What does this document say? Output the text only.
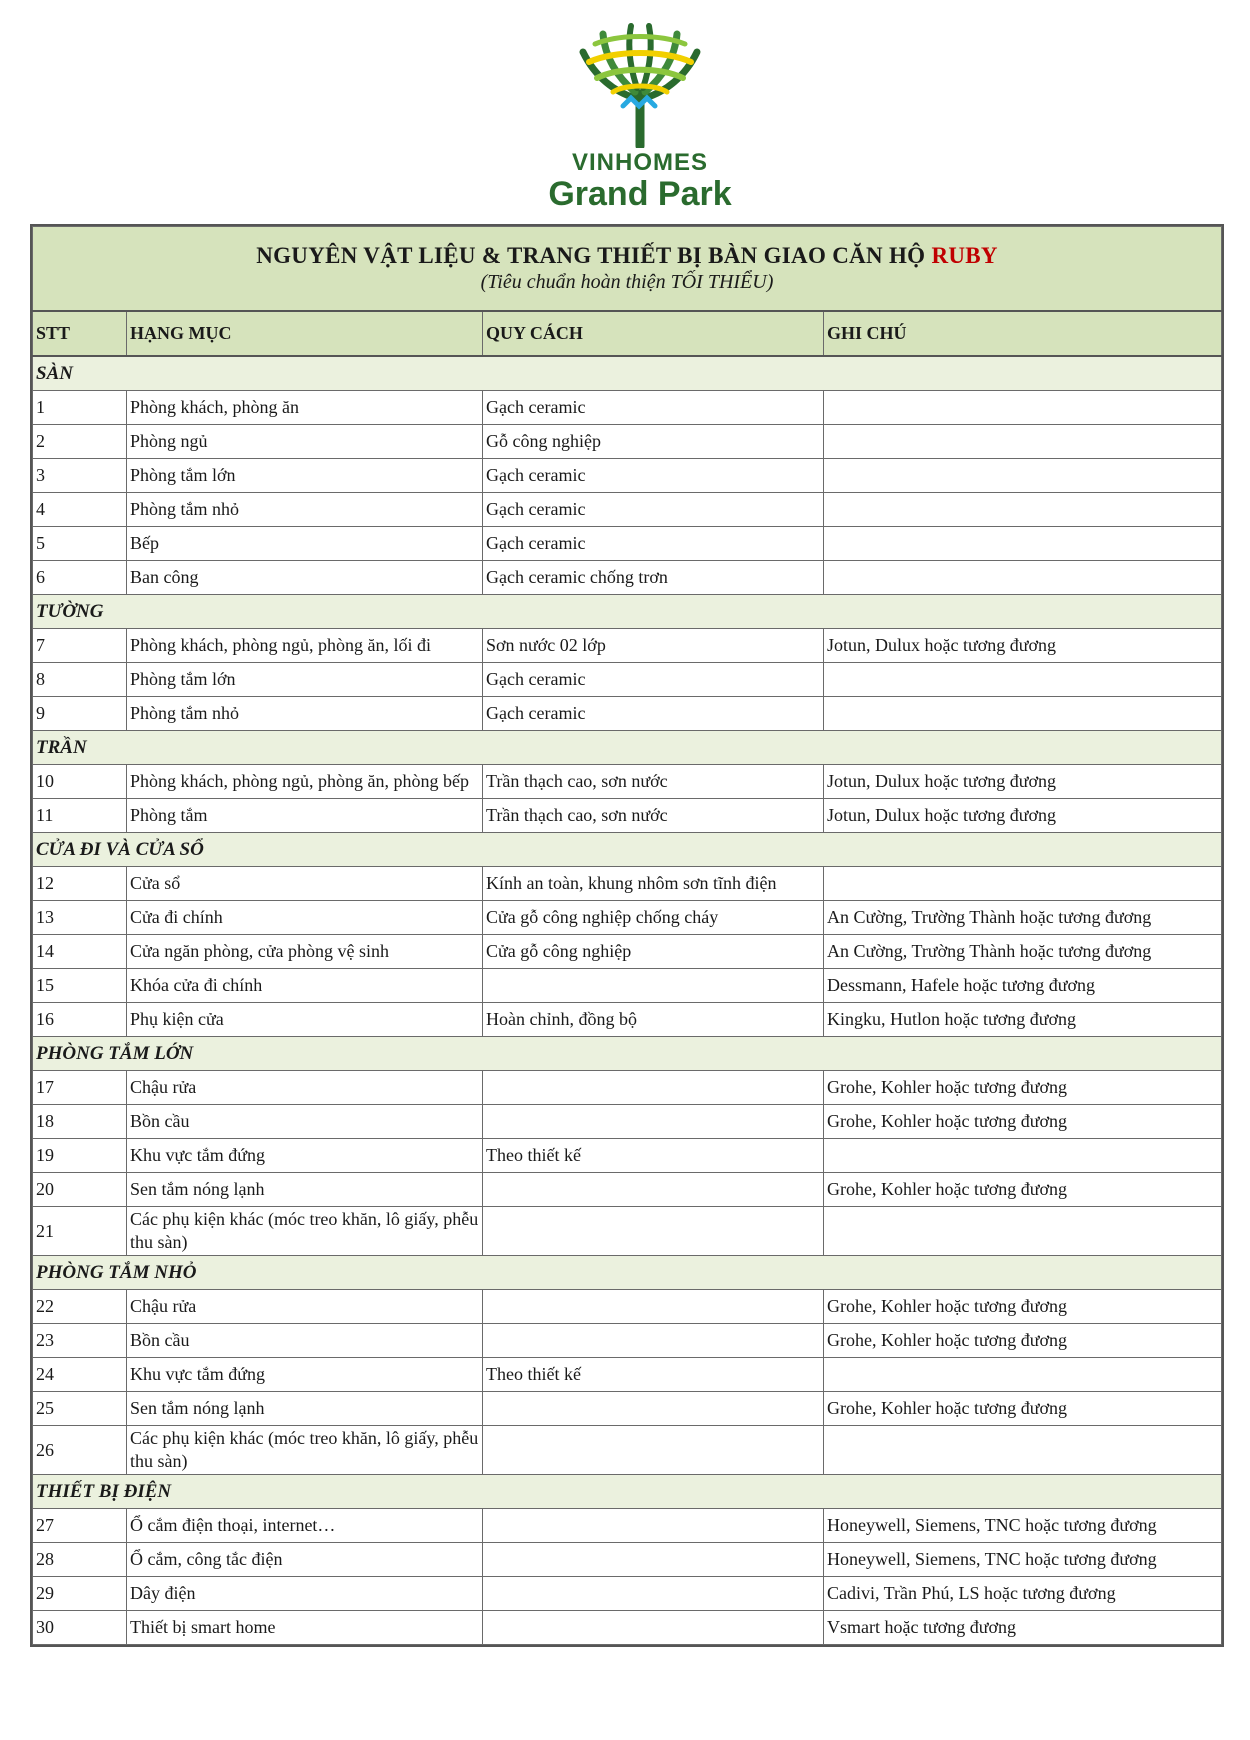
VINHOMES
Grand Park
NGUYÊN VẬT LIỆU & TRANG THIẾT BỊ BÀN GIAO CĂN HỘ RUBY
(Tiêu chuẩn hoàn thiện TỐI THIỂU)			

STT	HẠNG MỤC	QUY CÁCH	GHI CHÚ
SÀN			
1	Phòng khách, phòng ăn	Gạch ceramic	
2	Phòng ngủ	Gỗ công nghiệp	
3	Phòng tắm lớn	Gạch ceramic	
4	Phòng tắm nhỏ	Gạch ceramic	
5	Bếp	Gạch ceramic	
6	Ban công	Gạch ceramic chống trơn	
TƯỜNG			
7	Phòng khách, phòng ngủ, phòng ăn, lối đi	Sơn nước 02 lớp	Jotun, Dulux hoặc tương đương
8	Phòng tắm lớn	Gạch ceramic	
9	Phòng tắm nhỏ	Gạch ceramic	
TRẦN			
10	Phòng khách, phòng ngủ, phòng ăn, phòng bếp	Trần thạch cao, sơn nước	Jotun, Dulux hoặc tương đương
11	Phòng tắm	Trần thạch cao, sơn nước	Jotun, Dulux hoặc tương đương
CỬA ĐI VÀ CỬA SỔ			
12	Cửa sổ	Kính an toàn, khung nhôm sơn tĩnh điện	
13	Cửa đi chính	Cửa gỗ công nghiệp chống cháy	An Cường, Trường Thành hoặc tương đương
14	Cửa ngăn phòng, cửa phòng vệ sinh	Cửa gỗ công nghiệp	An Cường, Trường Thành hoặc tương đương
15	Khóa cửa đi chính		Dessmann, Hafele hoặc tương đương
16	Phụ kiện cửa	Hoàn chỉnh, đồng bộ	Kingku, Hutlon hoặc tương đương
PHÒNG TẮM LỚN			
17	Chậu rửa		Grohe, Kohler hoặc tương đương
18	Bồn cầu		Grohe, Kohler hoặc tương đương
19	Khu vực tắm đứng	Theo thiết kế	
20	Sen tắm nóng lạnh		Grohe, Kohler hoặc tương đương
21	Các phụ kiện khác (móc treo khăn, lô giấy, phễu thu sàn)		
PHÒNG TẮM NHỎ			
22	Chậu rửa		Grohe, Kohler hoặc tương đương
23	Bồn cầu		Grohe, Kohler hoặc tương đương
24	Khu vực tắm đứng	Theo thiết kế	
25	Sen tắm nóng lạnh		Grohe, Kohler hoặc tương đương
26	Các phụ kiện khác (móc treo khăn, lô giấy, phễu thu sàn)		
THIẾT BỊ ĐIỆN			
27	Ổ cắm điện thoại, internet…		Honeywell, Siemens, TNC hoặc tương đương
28	Ổ cắm, công tắc điện		Honeywell, Siemens, TNC hoặc tương đương
29	Dây điện		Cadivi, Trần Phú, LS hoặc tương đương
30	Thiết bị smart home		Vsmart hoặc tương đương
